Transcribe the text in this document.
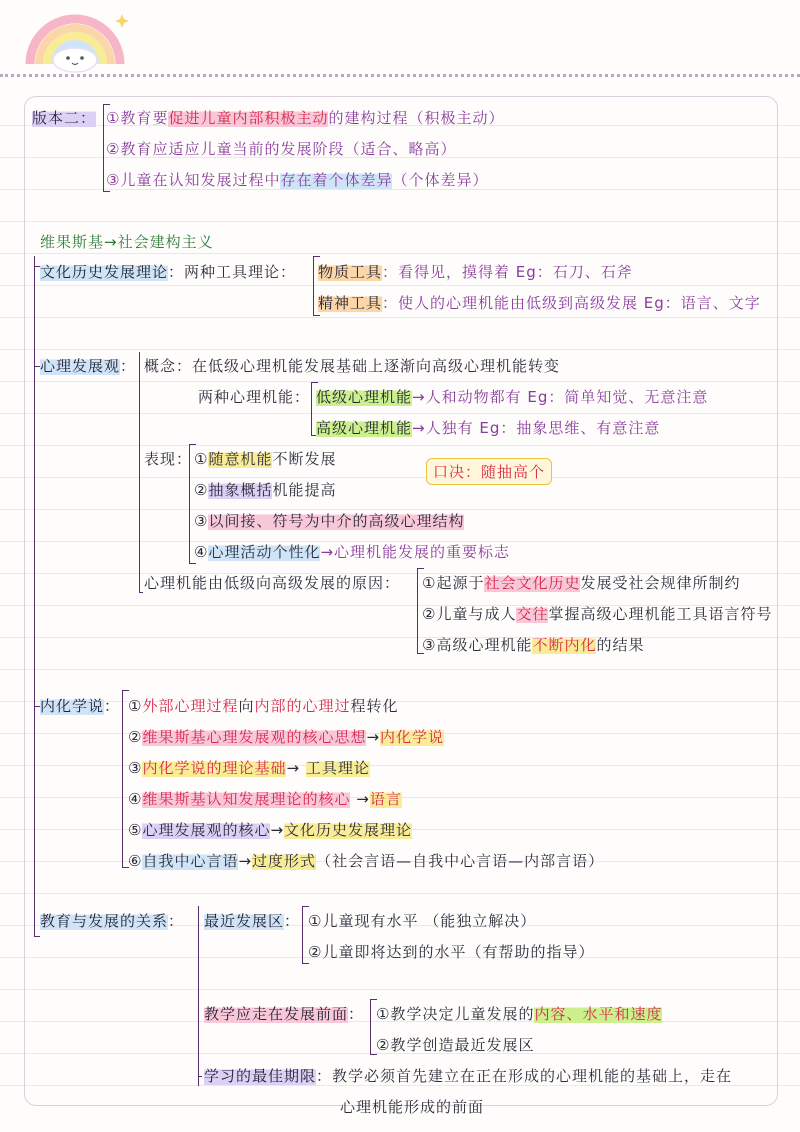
版本二： ①教育要促进儿童内部积极主动的建构过程（积极主动）
②教育应适应儿童当前的发展阶段（适合、略高）
③儿童在认知发展过程中存在着个体差异（个体差异）
维果斯基→社会建构主义
文化历史发展理论：两种工具理论： 物质工具：看得见，摸得着 Eg：石刀、石斧
精神工具：使人的心理机能由低级到高级发展 Eg：语言、文字
心理发展观： 概念：在低级心理机能发展基础上逐渐向高级心理机能转变
两种心理机能： 低级心理机能→人和动物都有 Eg：简单知觉、无意注意
高级心理机能→人独有 Eg：抽象思维、有意注意
表现： ①随意机能不断发展
②抽象概括机能提高
③以间接、符号为中介的高级心理结构
④心理活动个性化→心理机能发展的重要标志
口决：随抽高个
心理机能由低级向高级发展的原因： ①起源于社会文化历史发展受社会规律所制约
②儿童与成人交往掌握高级心理机能工具语言符号
③高级心理机能不断内化的结果
内化学说： ①外部心理过程向内部的心理过程转化
②维果斯基心理发展观的核心思想→内化学说
③内化学说的理论基础→ 工具理论
④维果斯基认知发展理论的核心 →语言
⑤心理发展观的核心→文化历史发展理论
⑥自我中心言语→过度形式（社会言语—自我中心言语—内部言语）
教育与发展的关系： 最近发展区： ①儿童现有水平 （能独立解决）
②儿童即将达到的水平（有帮助的指导）
教学应走在发展前面： ①教学决定儿童发展的内容、水平和速度
②教学创造最近发展区
学习的最佳期限：教学必须首先建立在正在形成的心理机能的基础上，走在
心理机能形成的前面
